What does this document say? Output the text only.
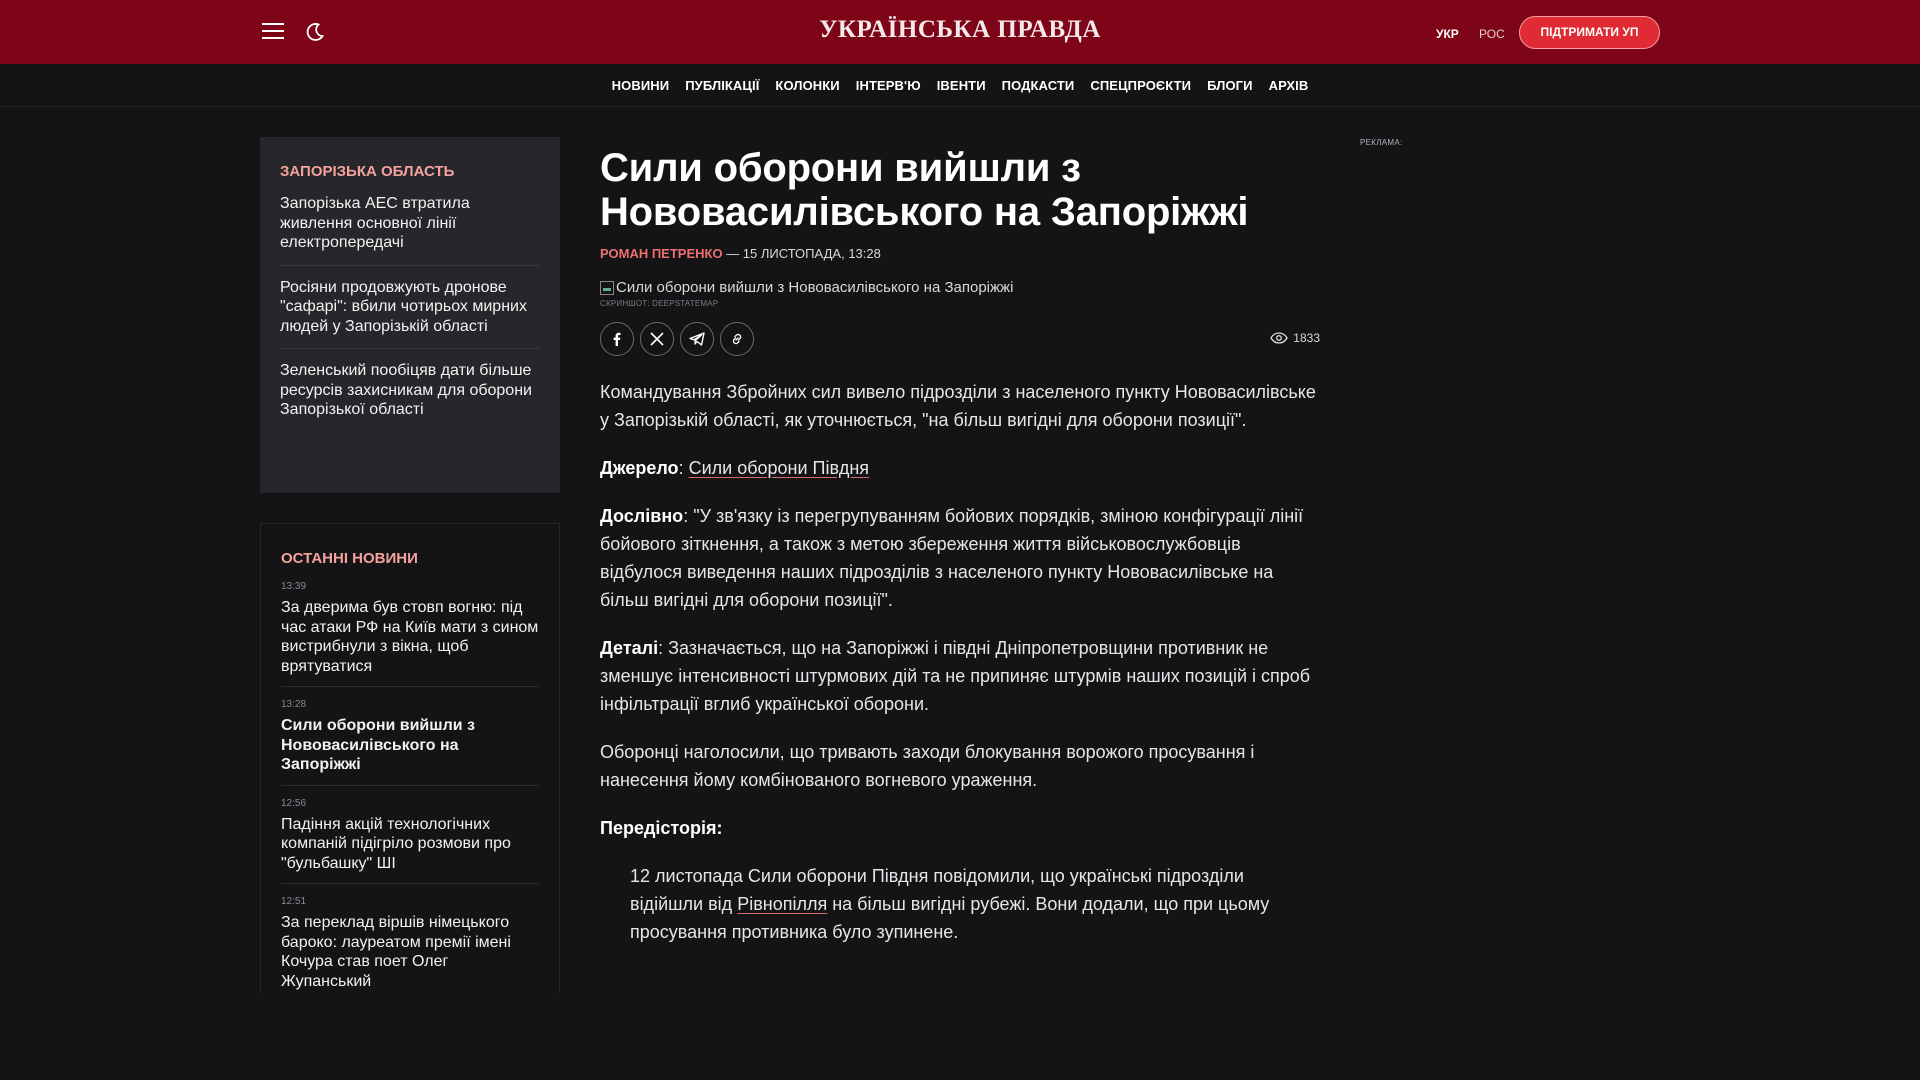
УКРАЇНСЬКА ПРАВДА	УКР РОС	ПІДТРИМАТИ УП
НОВИНИ ПУБЛІКАЦІЇ КОЛОНКИ ІНТЕРВ'Ю ІВЕНТИ ПОДКАСТИ СПЕЦПРОЄКТИ БЛОГИ АРХІВ
ЗАПОРІЗЬКА ОБЛАСТЬ
Запорізька АЕС втратила живлення основної лінії електропередачі
Росіяни продовжують дронове "сафарі": вбили чотирьох мирних людей у Запорізькій області
Зеленський пообіцяв дати більше ресурсів захисникам для оборони Запорізької області
ОСТАННІ НОВИНИ
13:39
За дверима був стовп вогню: під час атаки РФ на Київ мати з сином вистрибнули з вікна, щоб врятуватися
13:28
Сили оборони вийшли з Нововасилівського на Запоріжжі
12:56
Падіння акцій технологічних компаній підігріло розмови про "бульбашку" ШІ
12:51
За переклад віршів німецького бароко: лауреатом премії імені Кочура став поет Олег Жупанський
Сили оборони вийшли з Нововасилівського на Запоріжжі
РОМАН ПЕТРЕНКО — 15 ЛИСТОПАДА, 13:28
Сили оборони вийшли з Нововасилівського на Запоріжжі
СКРИНШОТ: DEEPSTATEMAP
1833

Командування Збройних сил вивело підрозділи з населеного пункту Нововасилівське у Запорізькій області, як уточнюється, "на більш вигідні для оборони позиції".

Джерело: Сили оборони Півдня

Дослівно: "У зв'язку із перегрупуванням бойових порядків, зміною конфігурації лінії бойового зіткнення, а також з метою збереження життя військовослужбовців відбулося виведення наших підрозділів з населеного пункту Нововасилівське на більш вигідні для оборони позиції".

Деталі: Зазначається, що на Запоріжжі і півдні Дніпропетровщини противник не зменшує інтенсивності штурмових дій та не припиняє штурмів наших позицій і спроб інфільтрації вглиб української оборони.

Оборонці наголосили, що тривають заходи блокування ворожого просування і нанесення йому комбінованого вогневого ураження.

Передісторія:

12 листопада Сили оборони Півдня повідомили, що українські підрозділи відійшли від Рівнопілля на більш вигідні рубежі. Вони додали, що при цьому просування противника було зупинене.
РЕКЛАМА:
